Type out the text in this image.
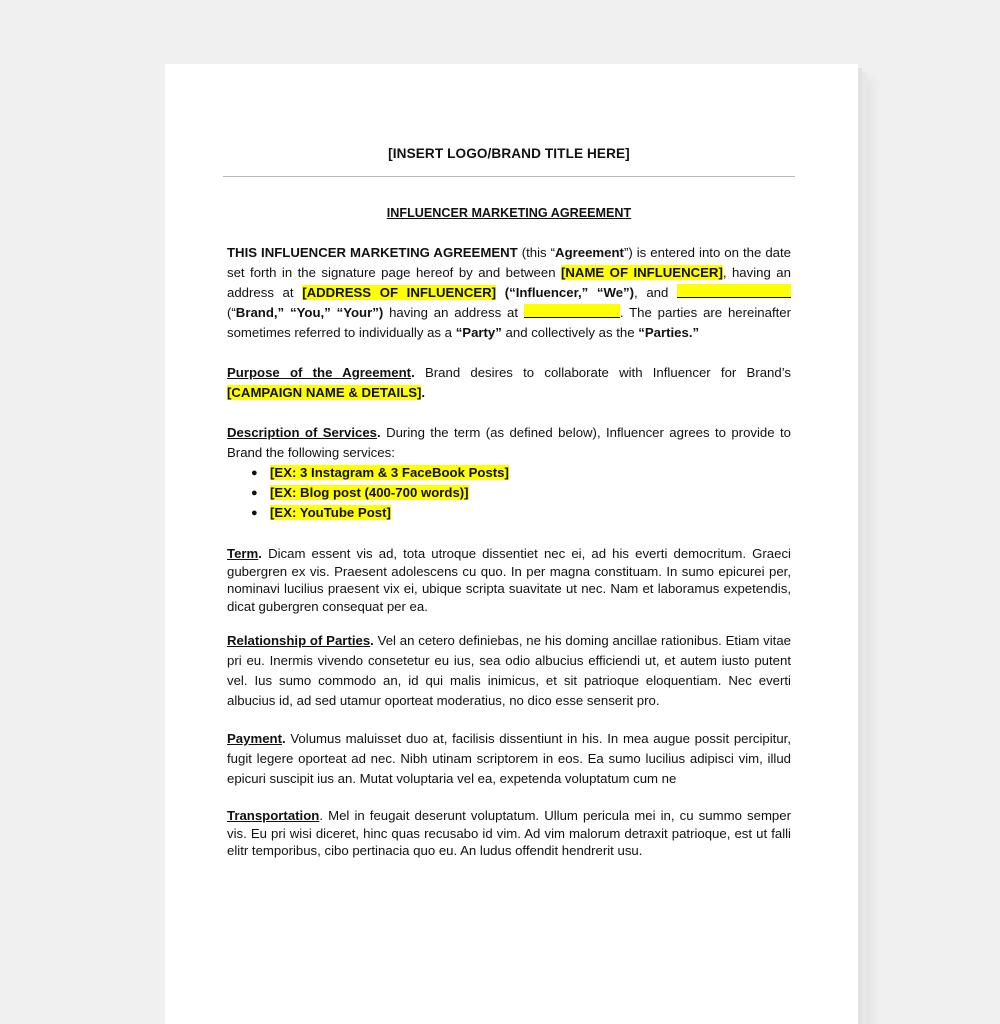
[INSERT LOGO/BRAND TITLE HERE]
INFLUENCER MARKETING AGREEMENT

THIS INFLUENCER MARKETING AGREEMENT (this “Agreement”) is entered into on the date set forth in the signature page hereof by and between [NAME OF INFLUENCER], having an address at [ADDRESS OF INFLUENCER] (“Influencer,” “We”), and  (“Brand,” “You,” “Your”) having an address at	. The parties are hereinafter sometimes referred to individually as a “Party” and collectively as the “Parties.”

Purpose of the Agreement. Brand desires to collaborate with Influencer for Brand’s [CAMPAIGN NAME & DETAILS].

Description of Services. During the term (as defined below), Influencer agrees to provide to Brand the following services:

● [EX: 3 Instagram & 3 FaceBook Posts]
● [EX: Blog post (400-700 words)]
● [EX: YouTube Post]

Term. Dicam essent vis ad, tota utroque dissentiet nec ei, ad his everti democritum. Graeci gubergren ex vis. Praesent adolescens cu quo. In per magna constituam. In sumo epicurei per, nominavi lucilius praesent vix ei, ubique scripta suavitate ut nec. Nam et laboramus expetendis, dicat gubergren consequat per ea.

Relationship of Parties. Vel an cetero definiebas, ne his doming ancillae rationibus. Etiam vitae pri eu. Inermis vivendo consetetur eu ius, sea odio albucius efficiendi ut, et autem iusto putent vel. Ius sumo commodo an, id qui malis inimicus, et sit patrioque eloquentiam. Nec everti albucius id, ad sed utamur oporteat moderatius, no dico esse senserit pro.

Payment. Volumus maluisset duo at, facilisis dissentiunt in his. In mea augue possit percipitur, fugit legere oporteat ad nec. Nibh utinam scriptorem in eos. Ea sumo lucilius adipisci vim, illud epicuri suscipit ius an. Mutat voluptaria vel ea, expetenda voluptatum cum ne

Transportation. Mel in feugait deserunt voluptatum. Ullum pericula mei in, cu summo semper vis. Eu pri wisi diceret, hinc quas recusabo id vim. Ad vim malorum detraxit patrioque, est ut falli elitr temporibus, cibo pertinacia quo eu. An ludus offendit hendrerit usu.
